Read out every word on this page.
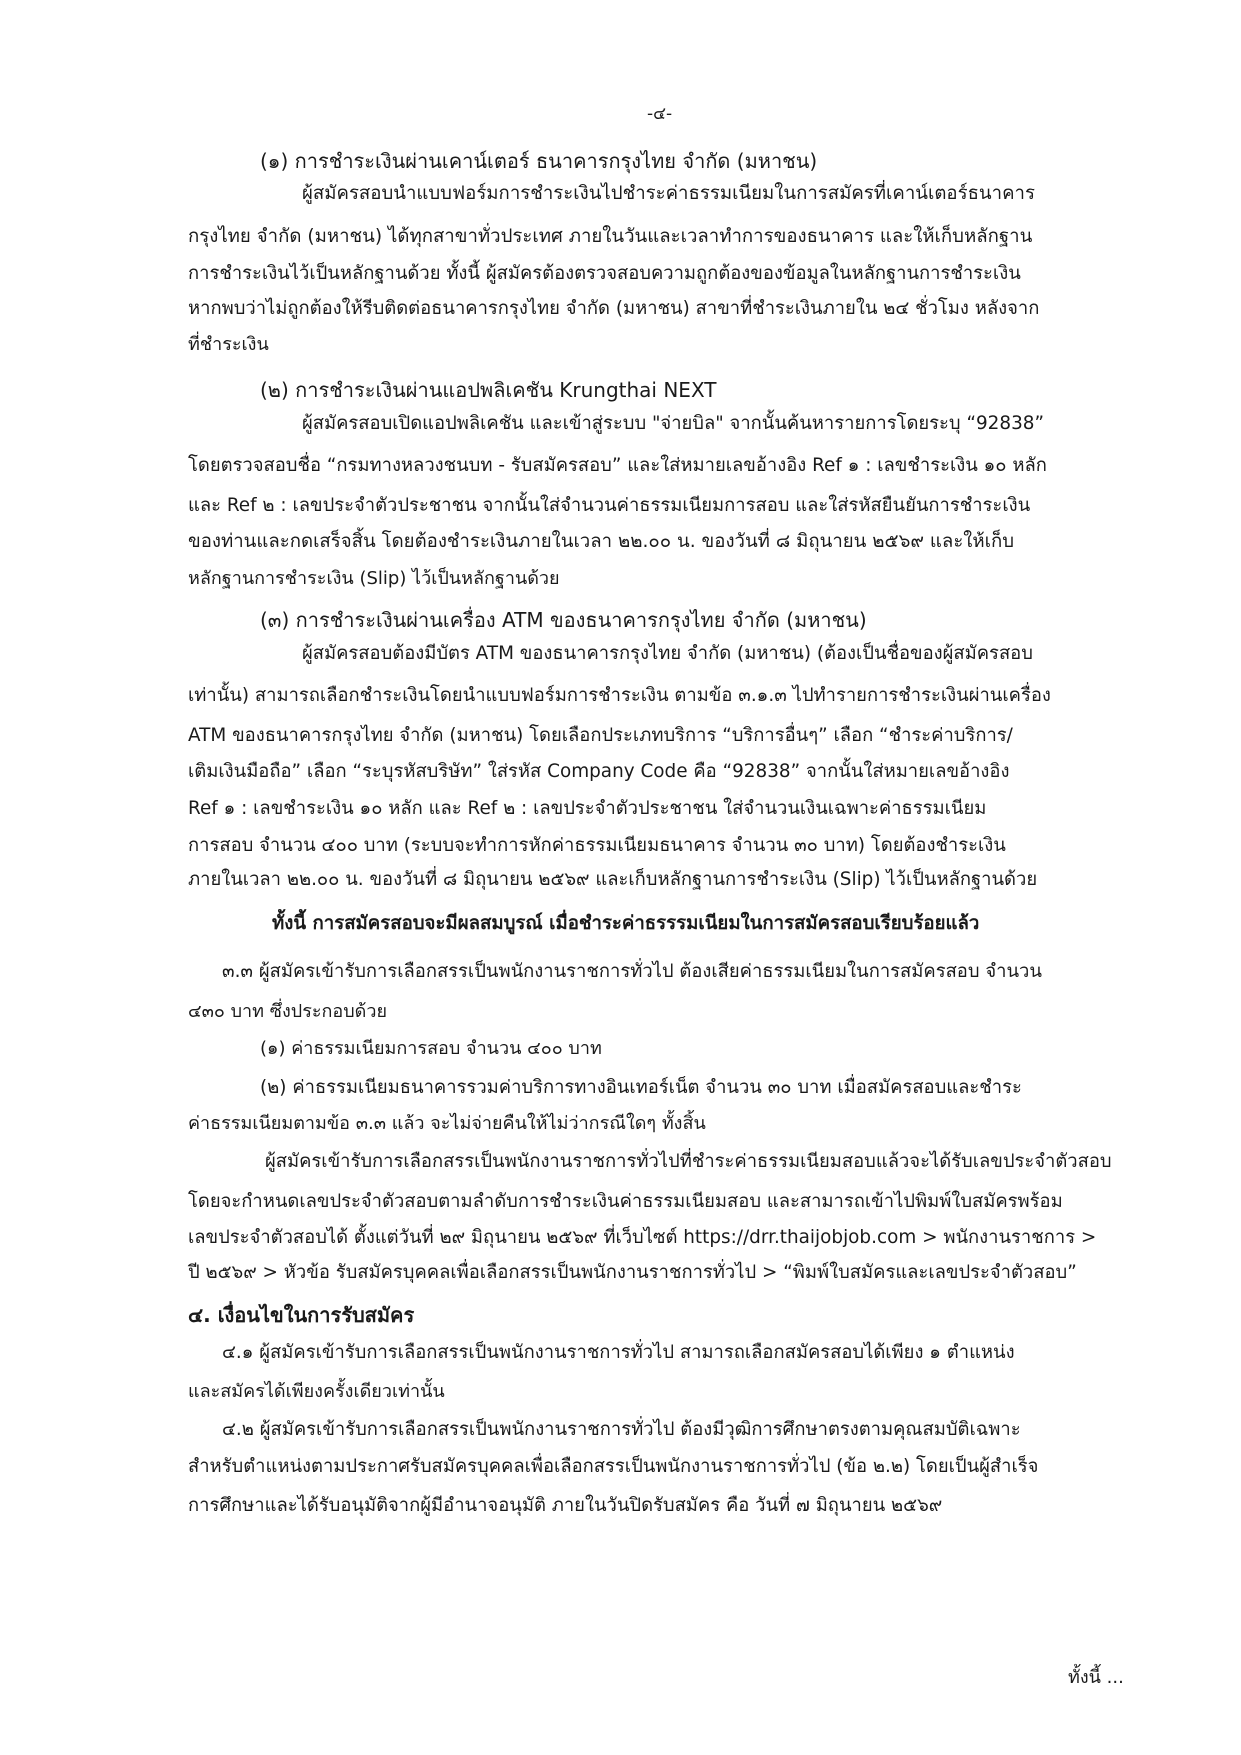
-๔-
(๑) การชำระเงินผ่านเคาน์เตอร์ ธนาคารกรุงไทย จำกัด (มหาชน)
ผู้สมัครสอบนำแบบฟอร์มการชำระเงินไปชำระค่าธรรมเนียมในการสมัครที่เคาน์เตอร์ธนาคาร
กรุงไทย จำกัด (มหาชน) ได้ทุกสาขาทั่วประเทศ ภายในวันและเวลาทำการของธนาคาร และให้เก็บหลักฐาน
การชำระเงินไว้เป็นหลักฐานด้วย ทั้งนี้ ผู้สมัครต้องตรวจสอบความถูกต้องของข้อมูลในหลักฐานการชำระเงิน
หากพบว่าไม่ถูกต้องให้รีบติดต่อธนาคารกรุงไทย จำกัด (มหาชน) สาขาที่ชำระเงินภายใน ๒๔ ชั่วโมง หลังจาก
ที่ชำระเงิน
(๒) การชำระเงินผ่านแอปพลิเคชัน Krungthai NEXT
ผู้สมัครสอบเปิดแอปพลิเคชัน และเข้าสู่ระบบ "จ่ายบิล" จากนั้นค้นหารายการโดยระบุ “92838”
โดยตรวจสอบชื่อ “กรมทางหลวงชนบท - รับสมัครสอบ” และใส่หมายเลขอ้างอิง Ref ๑ : เลขชำระเงิน ๑๐ หลัก
และ Ref ๒ : เลขประจำตัวประชาชน จากนั้นใส่จำนวนค่าธรรมเนียมการสอบ และใส่รหัสยืนยันการชำระเงิน
ของท่านและกดเสร็จสิ้น โดยต้องชำระเงินภายในเวลา ๒๒.๐๐ น. ของวันที่ ๘ มิถุนายน ๒๕๖๙ และให้เก็บ
หลักฐานการชำระเงิน (Slip) ไว้เป็นหลักฐานด้วย
(๓) การชำระเงินผ่านเครื่อง ATM ของธนาคารกรุงไทย จำกัด (มหาชน)
ผู้สมัครสอบต้องมีบัตร ATM ของธนาคารกรุงไทย จำกัด (มหาชน) (ต้องเป็นชื่อของผู้สมัครสอบ
เท่านั้น) สามารถเลือกชำระเงินโดยนำแบบฟอร์มการชำระเงิน ตามข้อ ๓.๑.๓ ไปทำรายการชำระเงินผ่านเครื่อง
ATM ของธนาคารกรุงไทย จำกัด (มหาชน) โดยเลือกประเภทบริการ “บริการอื่นๆ” เลือก “ชำระค่าบริการ/
เติมเงินมือถือ” เลือก “ระบุรหัสบริษัท” ใส่รหัส Company Code คือ “92838” จากนั้นใส่หมายเลขอ้างอิง
Ref ๑ : เลขชำระเงิน ๑๐ หลัก และ Ref ๒ : เลขประจำตัวประชาชน ใส่จำนวนเงินเฉพาะค่าธรรมเนียม
การสอบ จำนวน ๔๐๐ บาท (ระบบจะทำการหักค่าธรรมเนียมธนาคาร จำนวน ๓๐ บาท) โดยต้องชำระเงิน
ภายในเวลา ๒๒.๐๐ น. ของวันที่ ๘ มิถุนายน ๒๕๖๙ และเก็บหลักฐานการชำระเงิน (Slip) ไว้เป็นหลักฐานด้วย
ทั้งนี้ การสมัครสอบจะมีผลสมบูรณ์ เมื่อชำระค่าธรรรมเนียมในการสมัครสอบเรียบร้อยแล้ว
๓.๓ ผู้สมัครเข้ารับการเลือกสรรเป็นพนักงานราชการทั่วไป ต้องเสียค่าธรรมเนียมในการสมัครสอบ จำนวน
๔๓๐ บาท ซึ่งประกอบด้วย
(๑) ค่าธรรมเนียมการสอบ จำนวน ๔๐๐ บาท
(๒) ค่าธรรมเนียมธนาคารรวมค่าบริการทางอินเทอร์เน็ต จำนวน ๓๐ บาท เมื่อสมัครสอบและชำระ
ค่าธรรมเนียมตามข้อ ๓.๓ แล้ว จะไม่จ่ายคืนให้ไม่ว่ากรณีใดๆ ทั้งสิ้น
ผู้สมัครเข้ารับการเลือกสรรเป็นพนักงานราชการทั่วไปที่ชำระค่าธรรมเนียมสอบแล้วจะได้รับเลขประจำตัวสอบ
โดยจะกำหนดเลขประจำตัวสอบตามลำดับการชำระเงินค่าธรรมเนียมสอบ และสามารถเข้าไปพิมพ์ใบสมัครพร้อม
เลขประจำตัวสอบได้ ตั้งแต่วันที่ ๒๙ มิถุนายน ๒๕๖๙ ที่เว็บไซต์ https://drr.thaijobjob.com > พนักงานราชการ >
ปี ๒๕๖๙ > หัวข้อ รับสมัครบุคคลเพื่อเลือกสรรเป็นพนักงานราชการทั่วไป > “พิมพ์ใบสมัครและเลขประจำตัวสอบ”
๔. เงื่อนไขในการรับสมัคร
๔.๑ ผู้สมัครเข้ารับการเลือกสรรเป็นพนักงานราชการทั่วไป สามารถเลือกสมัครสอบได้เพียง ๑ ตำแหน่ง
และสมัครได้เพียงครั้งเดียวเท่านั้น
๔.๒ ผู้สมัครเข้ารับการเลือกสรรเป็นพนักงานราชการทั่วไป ต้องมีวุฒิการศึกษาตรงตามคุณสมบัติเฉพาะ
สำหรับตำแหน่งตามประกาศรับสมัครบุคคลเพื่อเลือกสรรเป็นพนักงานราชการทั่วไป (ข้อ ๒.๒) โดยเป็นผู้สำเร็จ
การศึกษาและได้รับอนุมัติจากผู้มีอำนาจอนุมัติ ภายในวันปิดรับสมัคร คือ วันที่ ๗ มิถุนายน ๒๕๖๙
ทั้งนี้ ...
